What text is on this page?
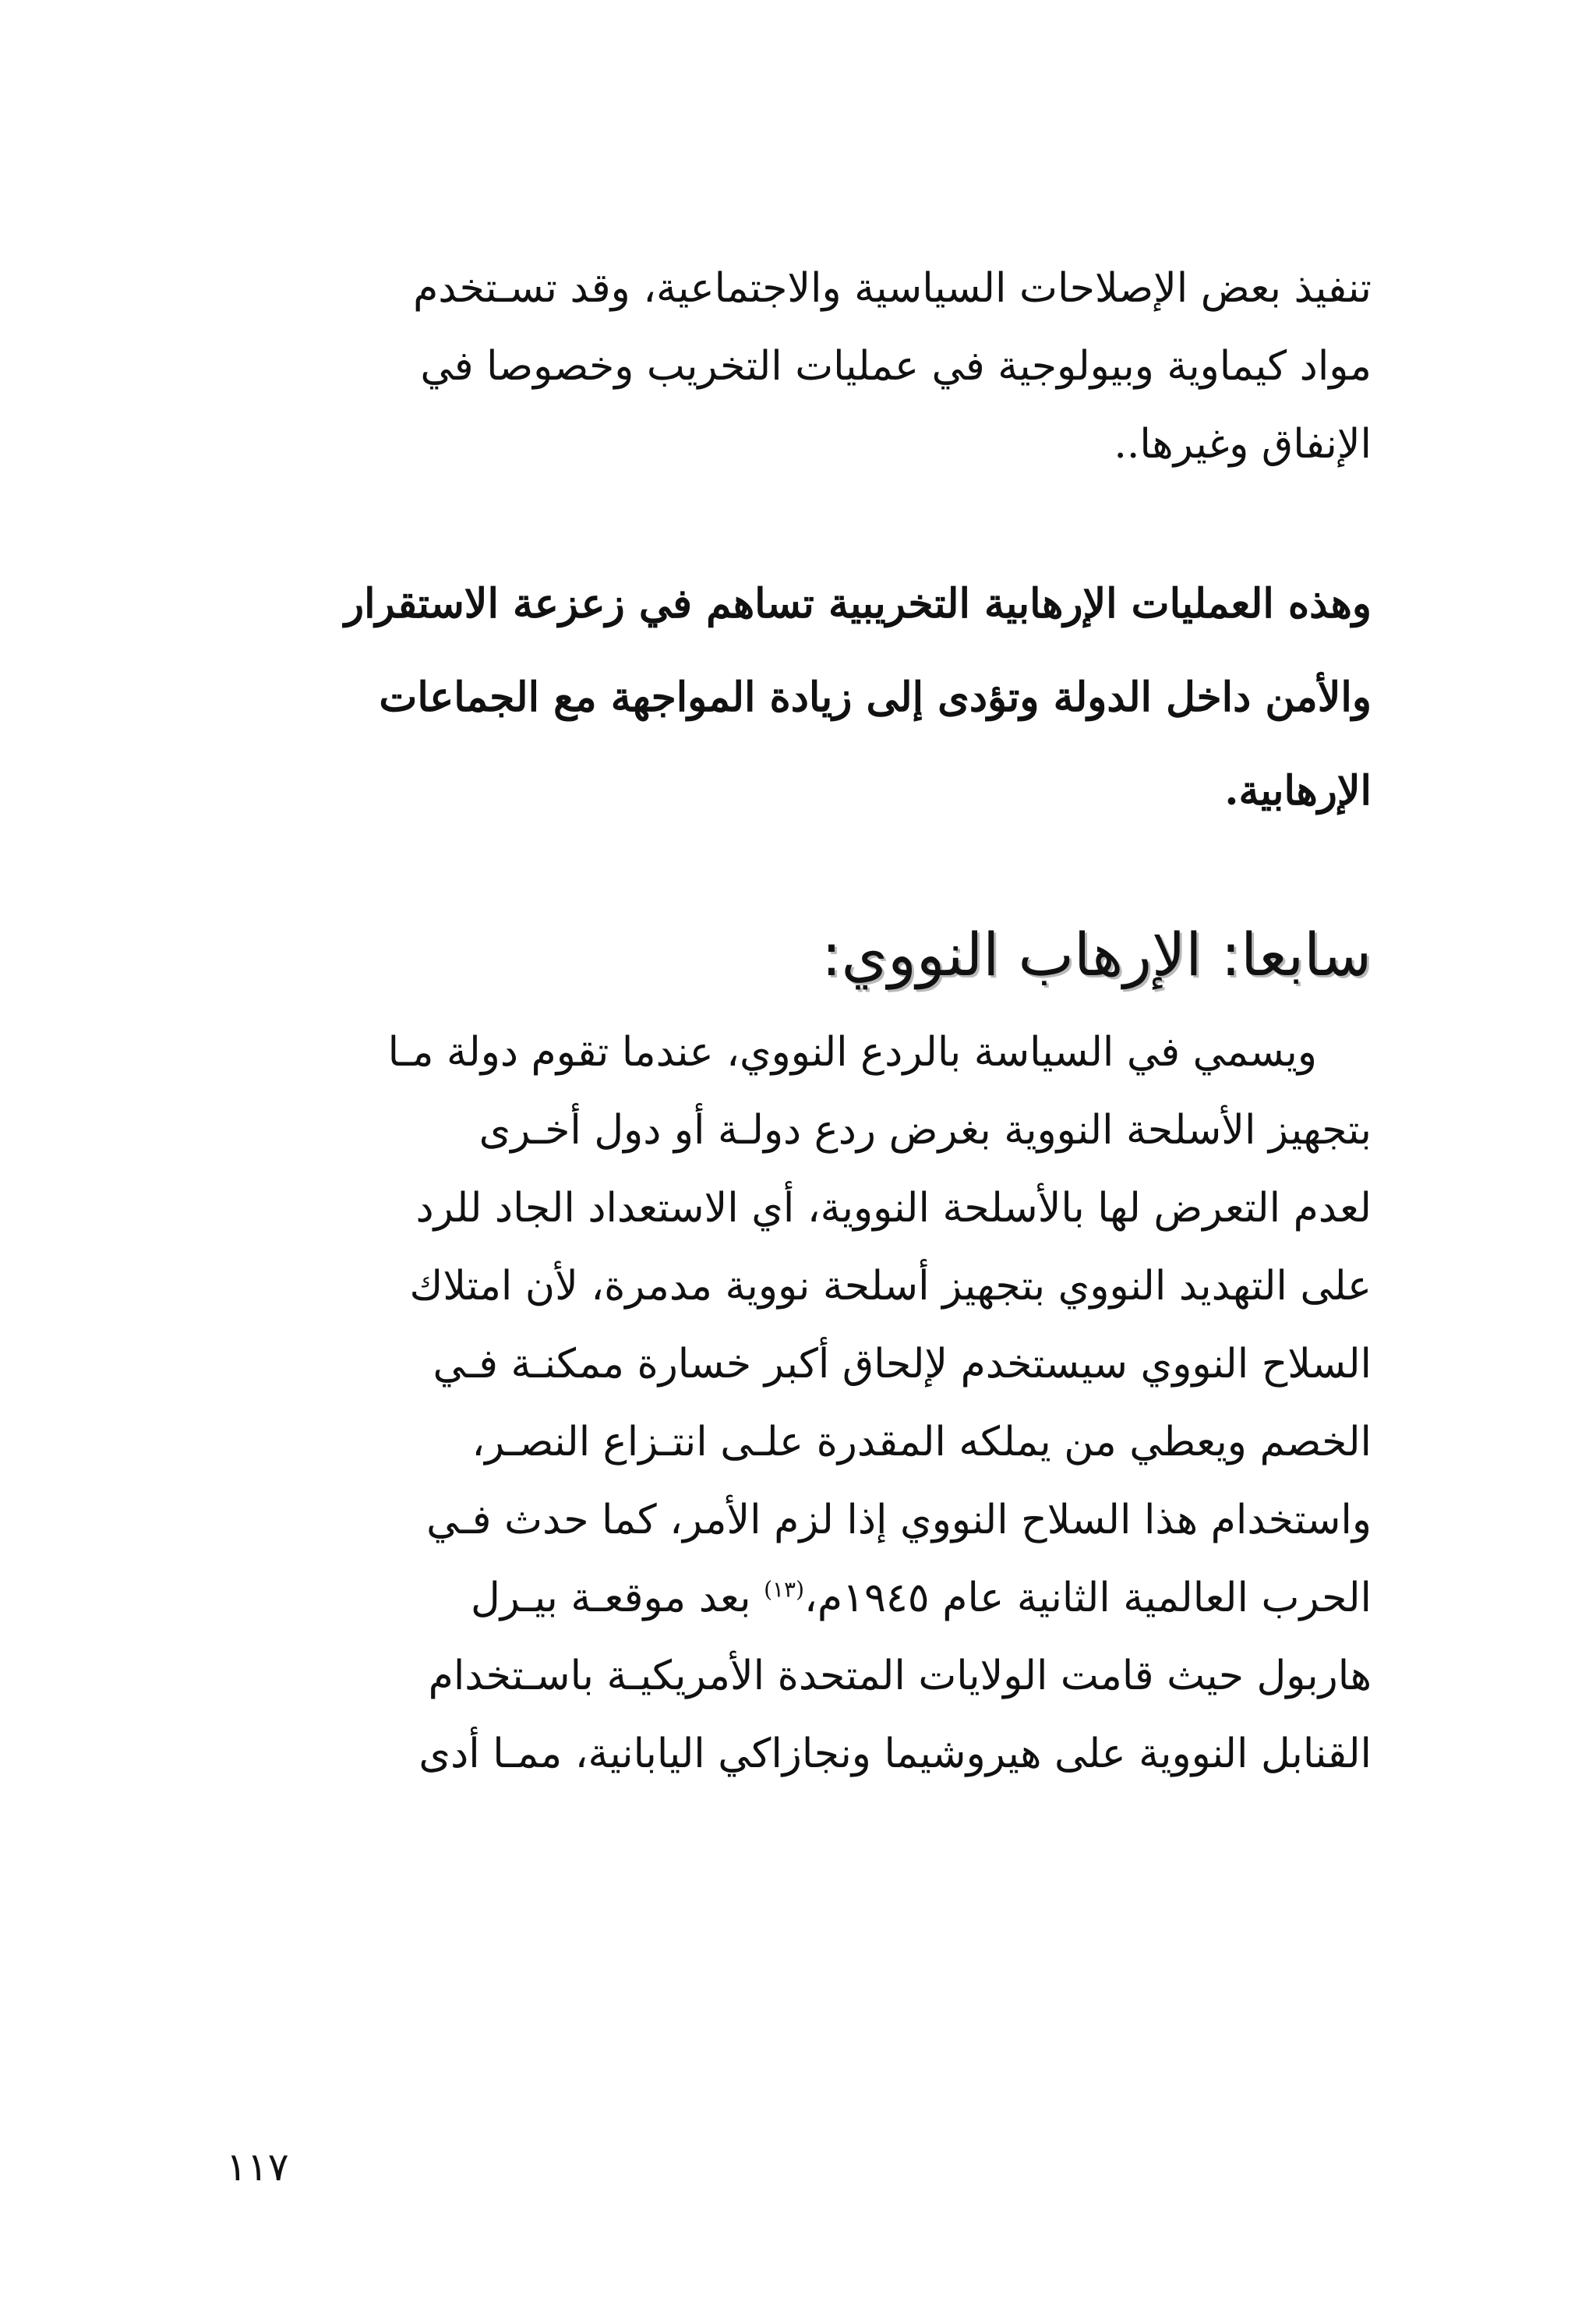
تنفيذ بعض الإصلاحات السياسية والاجتماعية، وقد تسـتخدم
مواد كيماوية وبيولوجية في عمليات التخريب وخصوصا في
الإنفاق وغيرها..
وهذه العمليات الإرهابية التخريبية تساهم في زعزعة الاستقرار
والأمن داخل الدولة وتؤدى إلى زيادة المواجهة مع الجماعات
الإرهابية.
سابعا: الإرهاب النووي:
ويسمي في السياسة بالردع النووي، عندما تقوم دولة مـا
بتجهيز الأسلحة النووية بغرض ردع دولـة أو دول أخـرى
لعدم التعرض لها بالأسلحة النووية، أي الاستعداد الجاد للرد
على التهديد النووي بتجهيز أسلحة نووية مدمرة، لأن امتلاك
السلاح النووي سيستخدم لإلحاق أكبر خسارة ممكنـة فـي
الخصم ويعطي من يملكه المقدرة علـى انتـزاع النصـر،
واستخدام هذا السلاح النووي إذا لزم الأمر، كما حدث فـي
الحرب العالمية الثانية عام ١٩٤٥م،$^{(١٣)}$ بعد موقعـة بيـرل
هاربول حيث قامت الولايات المتحدة الأمريكيـة باسـتخدام
القنابل النووية على هيروشيما ونجازاكي اليابانية، ممـا أدى
١١٧
